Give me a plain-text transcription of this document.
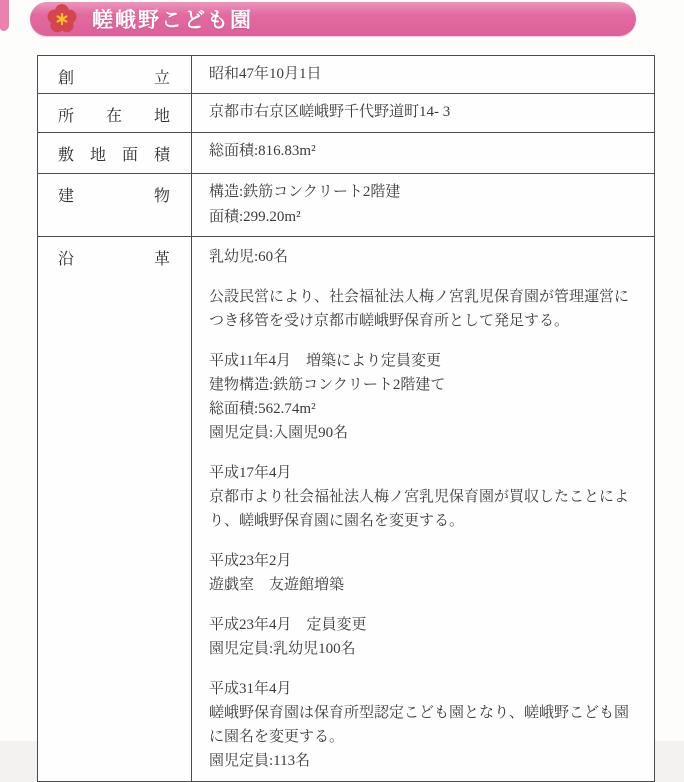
嵯峨野こども園
創立	昭和47年10月1日

所在地	京都市右京区嵯峨野千代野道町14- 3

敷地面積	総面積:816.83m²

建物	構造:鉄筋コンクリート2階建
面積:299.20m²

沿革	乳幼児:60名
公設民営により、社会福祉法人梅ノ宮乳児保育園が管理運営につき移管を受け京都市嵯峨野保育所として発足する。
平成11年4月　増築により定員変更
建物構造:鉄筋コンクリート2階建て
総面積:562.74m²
園児定員:入園児90名
平成17年4月
京都市より社会福祉法人梅ノ宮乳児保育園が買収したことにより、嵯峨野保育園に園名を変更する。
平成23年2月
遊戯室　友遊館増築
平成23年4月　定員変更
園児定員:乳幼児100名
平成31年4月
嵯峨野保育園は保育所型認定こども園となり、嵯峨野こども園に園名を変更する。
園児定員:113名
